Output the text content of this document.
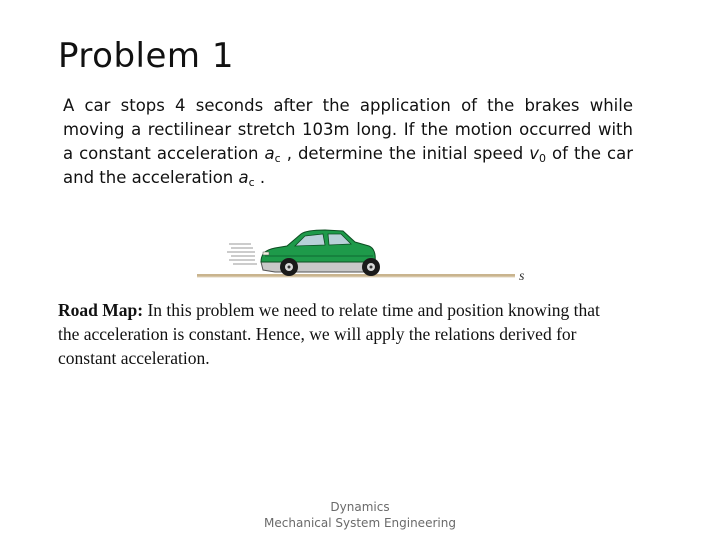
Problem 1
A car stops 4 seconds after the application of the brakes while moving a rectilinear stretch 103m long. If the motion occurred with a constant acceleration $a_c$ , determine the initial speed $v_0$ of the car and the acceleration $a_c$ .
s
Road Map: In this problem we need to relate time and position knowing that the acceleration is constant. Hence, we will apply the relations derived for constant acceleration.
Dynamics
Mechanical System Engineering
